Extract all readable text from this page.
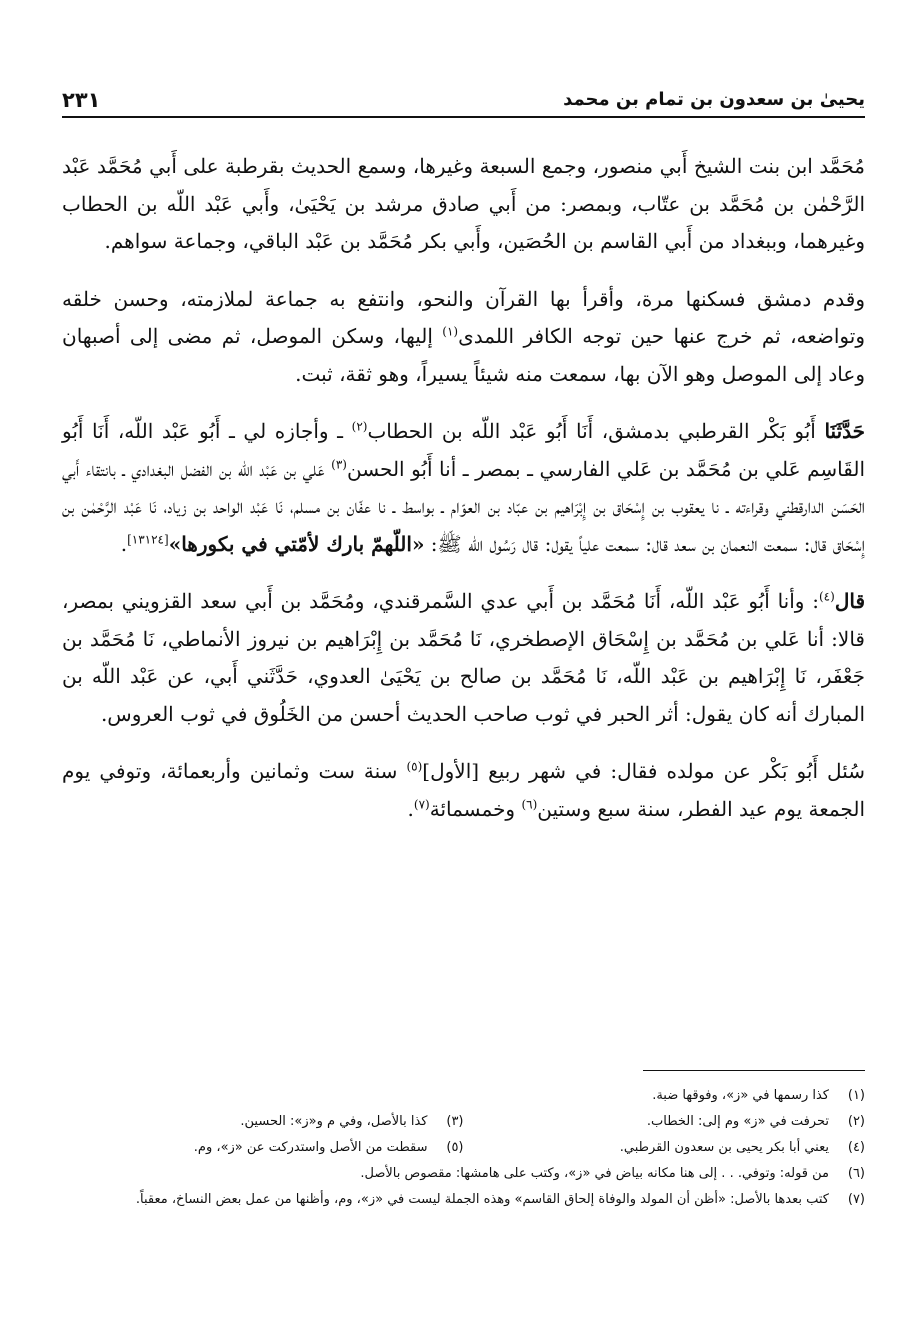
يحيىٰ بن سعدون بن تمام بن محمد
٢٣١

مُحَمَّد ابن بنت الشيخ أَبي منصور، وجمع السبعة وغيرها، وسمع الحديث بقرطبة على أَبي مُحَمَّد عَبْد الرَّحْمٰن بن مُحَمَّد بن عتّاب، وبمصر: من أَبي صادق مرشد بن يَحْيَىٰ، وأَبي عَبْد اللّه بن الحطاب وغيرهما، وببغداد من أَبي القاسم بن الحُصَين، وأَبي بكر مُحَمَّد بن عَبْد الباقي، وجماعة سواهم.

وقدم دمشق فسكنها مرة، وأقرأ بها القرآن والنحو، وانتفع به جماعة لملازمته، وحسن خلقه وتواضعه، ثم خرج عنها حين توجه الكافر اللمدى$^{(١)}$ إليها، وسكن الموصل، ثم مضى إلى أصبهان وعاد إلى الموصل وهو الآن بها، سمعت منه شيئاً يسيراً، وهو ثقة، ثبت.

حَدَّثَنَا أَبُو بَكْر القرطبي بدمشق، أَنَا أَبُو عَبْد اللّه بن الحطاب$^{(٢)}$ ـ وأجازه لي ـ أَبُو عَبْد اللّه، أَنَا أَبُو القَاسِم عَلي بن مُحَمَّد بن عَلي الفارسي ـ بمصر ـ أنا أَبُو الحسن$^{(٣)}$ عَلي بن عَبْد اللّه بن الفضل البغدادي ـ بانتقاء أَبي الحَسَن الدارقطني وقراءته ـ نا يعقوب بن إِسْحَاق بن إِبْرَاهيم بن عبّاد بن العوّام ـ بواسط ـ نا عفّان بن مسلم، نَا عَبْد الواحد بن زياد، نَا عَبْد الرَّحْمٰن بن إِسْحَاق قال: سمعت النعمان بن سعد قال: سمعت علياً يقول: قال رَسُول اللّه ﷺ: «اللّهمّ بارك لأمّتي في بكورها»[١٣١٢٤].

قال$^{(٤)}$: وأنا أَبُو عَبْد اللّه، أَنَا مُحَمَّد بن أَبي عدي السَّمرقندي، ومُحَمَّد بن أَبي سعد القزويني بمصر، قالا: أنا عَلي بن مُحَمَّد بن إِسْحَاق الإصطخري، نَا مُحَمَّد بن إِبْرَاهيم بن نيروز الأنماطي، نَا مُحَمَّد بن جَعْفَر، نَا إِبْرَاهيم بن عَبْد اللّه، نَا مُحَمَّد بن صالح بن يَحْيَىٰ العدوي، حَدَّثَني أَبي، عن عَبْد اللّه بن المبارك أنه كان يقول: أثر الحبر في ثوب صاحب الحديث أحسن من الخَلُوق في ثوب العروس.

سُئل أَبُو بَكْر عن مولده فقال: في شهر ربيع [الأول]$^{(٥)}$ سنة ست وثمانين وأربعمائة، وتوفي يوم الجمعة يوم عيد الفطر، سنة سبع وستين$^{(٦)}$ وخمسمائة$^{(٧)}$.

(١)
كذا رسمها في «ز»، وفوقها ضبة.
(٢)
تحرفت في «ز» وم إلى: الخطاب.
(٣)
كذا بالأصل، وفي م و«ز»: الحسين.
(٤)
يعني أبا بكر يحيى بن سعدون القرطبي.
(٥)
سقطت من الأصل واستدركت عن «ز»، وم.
(٦)
من قوله: وتوفي. . . إلى هنا مكانه بياض في «ز»، وكتب على هامشها: مقصوص بالأصل.
(٧)
كتب بعدها بالأصل: «أظن أن المولد والوفاة إلحاق القاسم» وهذه الجملة ليست في «ز»، وم، وأظنها من عمل بعض النساخ، معقباً.
